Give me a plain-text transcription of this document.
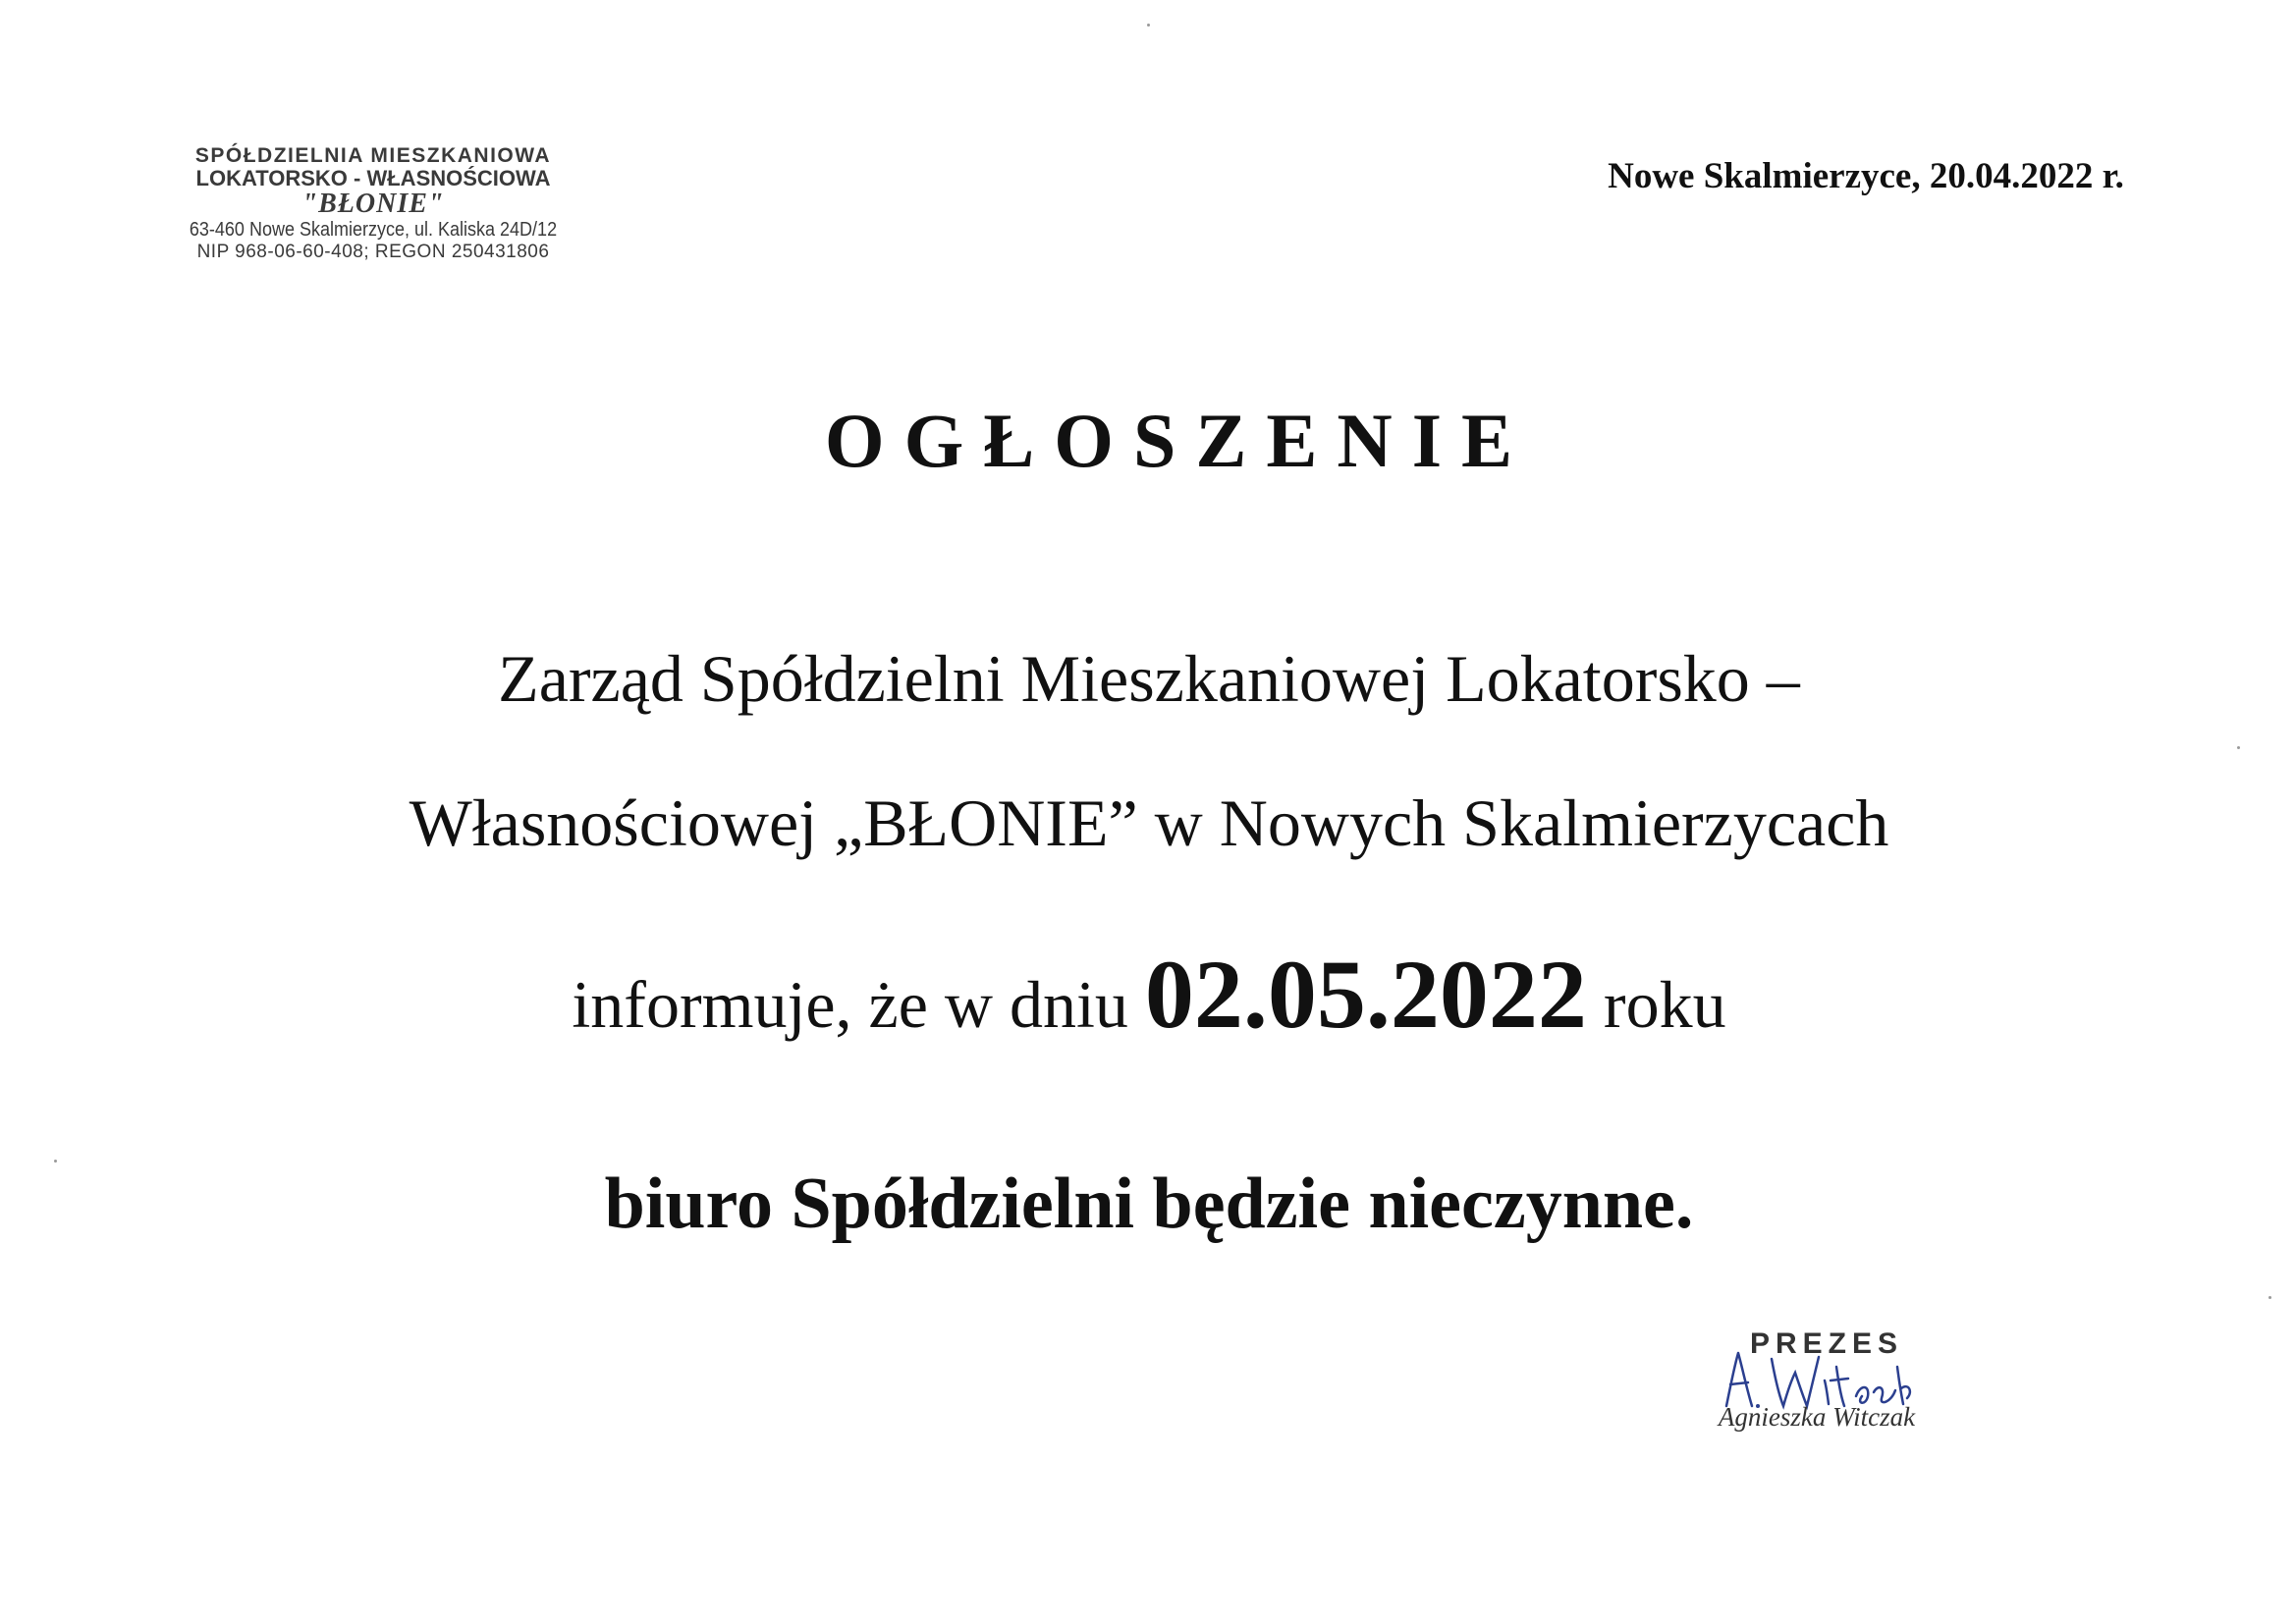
SPÓŁDZIELNIA MIESZKANIOWA
LOKATORSKO - WŁASNOŚCIOWA
"BŁONIE"
63-460 Nowe Skalmierzyce, ul. Kaliska 24D/12
NIP 968-06-60-408; REGON 250431806
Nowe Skalmierzyce, 20.04.2022 r.
OGŁOSZENIE
Zarząd Spółdzielni Mieszkaniowej Lokatorsko –
Własnościowej „BŁONIE” w Nowych Skalmierzycach
informuje, że w dniu 02.05.2022 roku
biuro Spółdzielni będzie nieczynne.
PREZES
Agnieszka Witczak
